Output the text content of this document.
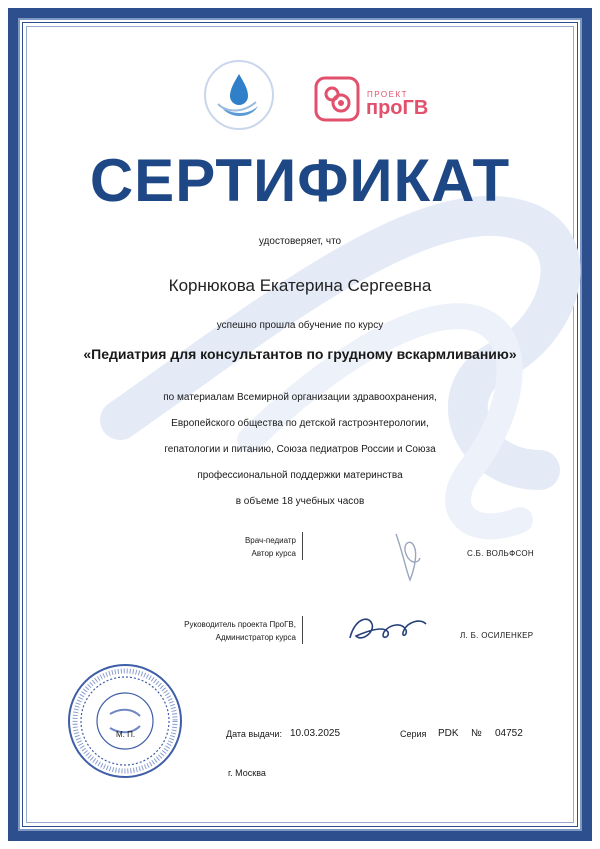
ПРОЕКТ
проГВ
СЕРТИФИКАТ
удостоверяет, что
Корнюкова Екатерина Сергеевна
успешно прошла обучение по курсу
«Педиатрия для консультантов по грудному вскармливанию»
по материалам Всемирной организации здравоохранения,
Европейского общества по детской гастроэнтерологии,
гепатологии и питанию, Союза педиатров России и Союза
профессиональной поддержки материнства
в объеме 18 учебных часов
Врач-педиатр
Автор курса	С.Б. ВОЛЬФСОН
Руководитель проекта ПроГВ,
Администратор курса	Л. Б. ОСИЛЕНКЕР
М. П.	Дата выдачи: 10.03.2025	Серия PDK № 04752
г. Москва
